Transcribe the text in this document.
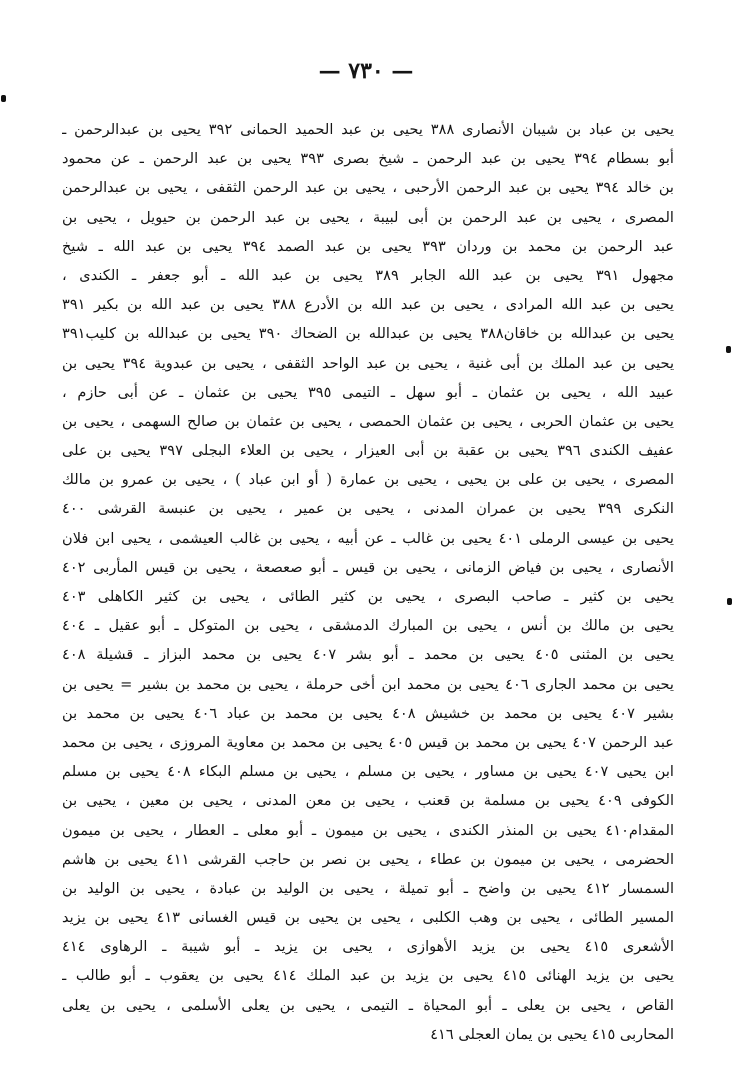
— ٧٣٠ —
يحيى بن عباد بن شيبان الأنصارى ٣٨٨ يحيى بن عبد الحميد الحمانى ٣٩٢ يحيى بن عبدالرحمن ـ
أبو بسطام ٣٩٤ يحيى بن عبد الرحمن ـ شيخ بصرى ٣٩٣ يحيى بن عبد الرحمن ـ عن محمود
بن خالد ٣٩٤ يحيى بن عبد الرحمن الأرحبى ، يحيى بن عبد الرحمن الثقفى ، يحيى بن عبدالرحمن
المصرى ، يحيى بن عبد الرحمن بن أبى لبيبة ، يحيى بن عبد الرحمن بن حيويل ، يحيى بن
عبد الرحمن بن محمد بن وردان ٣٩٣ يحيى بن عبد الصمد ٣٩٤ يحيى بن عبد الله ـ شيخ
مجهول ٣٩١ يحيى بن عبد الله الجابر ٣٨٩ يحيى بن عبد الله ـ أبو جعفر ـ الكندى ،
يحيى بن عبد الله المرادى ، يحيى بن عبد الله بن الأدرع ٣٨٨ يحيى بن عبد الله بن بكير ٣٩١
يحيى بن عبدالله بن خاقان٣٨٨ يحيى بن عبدالله بن الضحاك ٣٩٠ يحيى بن عبدالله بن كليب٣٩١
يحيى بن عبد الملك بن أبى غنية ، يحيى بن عبد الواحد الثقفى ، يحيى بن عبدوية ٣٩٤ يحيى بن
عبيد الله ، يحيى بن عثمان ـ أبو سهل ـ التيمى ٣٩٥ يحيى بن عثمان ـ عن أبى حازم ،
يحيى بن عثمان الحربى ، يحيى بن عثمان الحمصى ، يحيى بن عثمان بن صالح السهمى ، يحيى بن
عفيف الكندى ٣٩٦ يحيى بن عقبة بن أبى العيزار ، يحيى بن العلاء البجلى ٣٩٧ يحيى بن على
المصرى ، يحيى بن على بن يحيى ، يحيى بن عمارة ( أو ابن عباد ) ، يحيى بن عمرو بن مالك
النكرى ٣٩٩ يحيى بن عمران المدنى ، يحيى بن عمير ، يحيى بن عنبسة القرشى ٤٠٠
يحيى بن عيسى الرملى ٤٠١ يحيى بن غالب ـ عن أبيه ، يحيى بن غالب العيشمى ، يحيى ابن فلان
الأنصارى ، يحيى بن فياض الزمانى ، يحيى بن قيس ـ أبو صعصعة ، يحيى بن قيس المأربى ٤٠٢
يحيى بن كثير ـ صاحب البصرى ، يحيى بن كثير الطائى ، يحيى بن كثير الكاهلى ٤٠٣
يحيى بن مالك بن أنس ، يحيى بن المبارك الدمشقى ، يحيى بن المتوكل ـ أبو عقيل ـ ٤٠٤
يحيى بن المثنى ٤٠٥ يحيى بن محمد ـ أبو بشر ٤٠٧ يحيى بن محمد البزاز ـ قشيلة ٤٠٨
يحيى بن محمد الجارى ٤٠٦ يحيى بن محمد ابن أخى حرملة ، يحيى بن محمد بن بشير = يحيى بن
بشير ٤٠٧ يحيى بن محمد بن خشيش ٤٠٨ يحيى بن محمد بن عباد ٤٠٦ يحيى بن محمد بن
عبد الرحمن ٤٠٧ يحيى بن محمد بن قيس ٤٠٥ يحيى بن محمد بن معاوية المروزى ، يحيى بن محمد
ابن يحيى ٤٠٧ يحيى بن مساور ، يحيى بن مسلم ، يحيى بن مسلم البكاء ٤٠٨ يحيى بن مسلم
الكوفى ٤٠٩ يحيى بن مسلمة بن قعنب ، يحيى بن معن المدنى ، يحيى بن معين ، يحيى بن
المقدام٤١٠ يحيى بن المنذر الكندى ، يحيى بن ميمون ـ أبو معلى ـ العطار ، يحيى بن ميمون
الحضرمى ، يحيى بن ميمون بن عطاء ، يحيى بن نصر بن حاجب القرشى ٤١١ يحيى بن هاشم
السمسار ٤١٢ يحيى بن واضح ـ أبو تميلة ، يحيى بن الوليد بن عبادة ، يحيى بن الوليد بن
المسير الطائى ، يحيى بن وهب الكلبى ، يحيى بن يحيى بن قيس الغسانى ٤١٣ يحيى بن يزيد
الأشعرى ٤١٥ يحيى بن يزيد الأهوازى ، يحيى بن يزيد ـ أبو شيبة ـ الرهاوى ٤١٤
يحيى بن يزيد الهنائى ٤١٥ يحيى بن يزيد بن عبد الملك ٤١٤ يحيى بن يعقوب ـ أبو طالب ـ
القاص ، يحيى بن يعلى ـ أبو المحياة ـ التيمى ، يحيى بن يعلى الأسلمى ، يحيى بن يعلى
المحاربى ٤١٥ يحيى بن يمان العجلى ٤١٦
